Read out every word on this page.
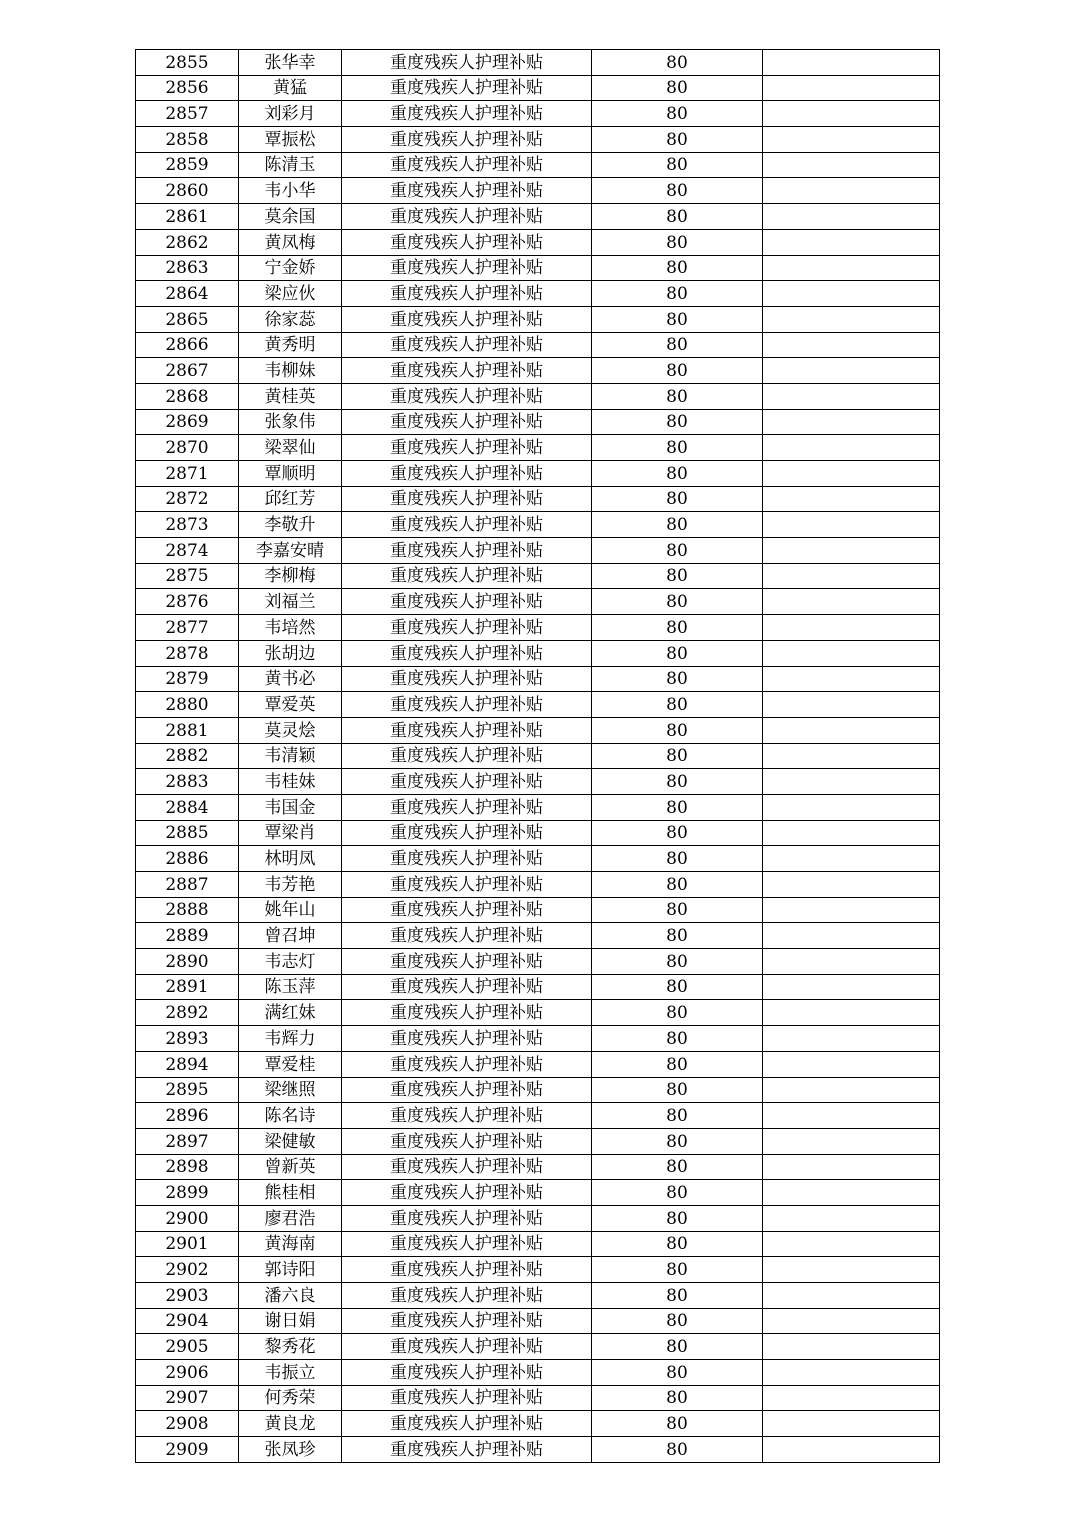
2855	张华幸	重度残疾人护理补贴	80	
2856	黄猛	重度残疾人护理补贴	80	
2857	刘彩月	重度残疾人护理补贴	80	
2858	覃振松	重度残疾人护理补贴	80	
2859	陈清玉	重度残疾人护理补贴	80	
2860	韦小华	重度残疾人护理补贴	80	
2861	莫余国	重度残疾人护理补贴	80	
2862	黄凤梅	重度残疾人护理补贴	80	
2863	宁金娇	重度残疾人护理补贴	80	
2864	梁应伙	重度残疾人护理补贴	80	
2865	徐家蕊	重度残疾人护理补贴	80	
2866	黄秀明	重度残疾人护理补贴	80	
2867	韦柳妹	重度残疾人护理补贴	80	
2868	黄桂英	重度残疾人护理补贴	80	
2869	张象伟	重度残疾人护理补贴	80	
2870	梁翠仙	重度残疾人护理补贴	80	
2871	覃顺明	重度残疾人护理补贴	80	
2872	邱红芳	重度残疾人护理补贴	80	
2873	李敬升	重度残疾人护理补贴	80	
2874	李嘉安晴	重度残疾人护理补贴	80	
2875	李柳梅	重度残疾人护理补贴	80	
2876	刘福兰	重度残疾人护理补贴	80	
2877	韦培然	重度残疾人护理补贴	80	
2878	张胡边	重度残疾人护理补贴	80	
2879	黄书必	重度残疾人护理补贴	80	
2880	覃爱英	重度残疾人护理补贴	80	
2881	莫灵烩	重度残疾人护理补贴	80	
2882	韦清颖	重度残疾人护理补贴	80	
2883	韦桂妹	重度残疾人护理补贴	80	
2884	韦国金	重度残疾人护理补贴	80	
2885	覃梁肖	重度残疾人护理补贴	80	
2886	林明凤	重度残疾人护理补贴	80	
2887	韦芳艳	重度残疾人护理补贴	80	
2888	姚年山	重度残疾人护理补贴	80	
2889	曾召坤	重度残疾人护理补贴	80	
2890	韦志灯	重度残疾人护理补贴	80	
2891	陈玉萍	重度残疾人护理补贴	80	
2892	满红妹	重度残疾人护理补贴	80	
2893	韦辉力	重度残疾人护理补贴	80	
2894	覃爱桂	重度残疾人护理补贴	80	
2895	梁继照	重度残疾人护理补贴	80	
2896	陈名诗	重度残疾人护理补贴	80	
2897	梁健敏	重度残疾人护理补贴	80	
2898	曾新英	重度残疾人护理补贴	80	
2899	熊桂相	重度残疾人护理补贴	80	
2900	廖君浩	重度残疾人护理补贴	80	
2901	黄海南	重度残疾人护理补贴	80	
2902	郭诗阳	重度残疾人护理补贴	80	
2903	潘六良	重度残疾人护理补贴	80	
2904	谢日娟	重度残疾人护理补贴	80	
2905	黎秀花	重度残疾人护理补贴	80	
2906	韦振立	重度残疾人护理补贴	80	
2907	何秀荣	重度残疾人护理补贴	80	
2908	黄良龙	重度残疾人护理补贴	80	
2909	张凤珍	重度残疾人护理补贴	80	
